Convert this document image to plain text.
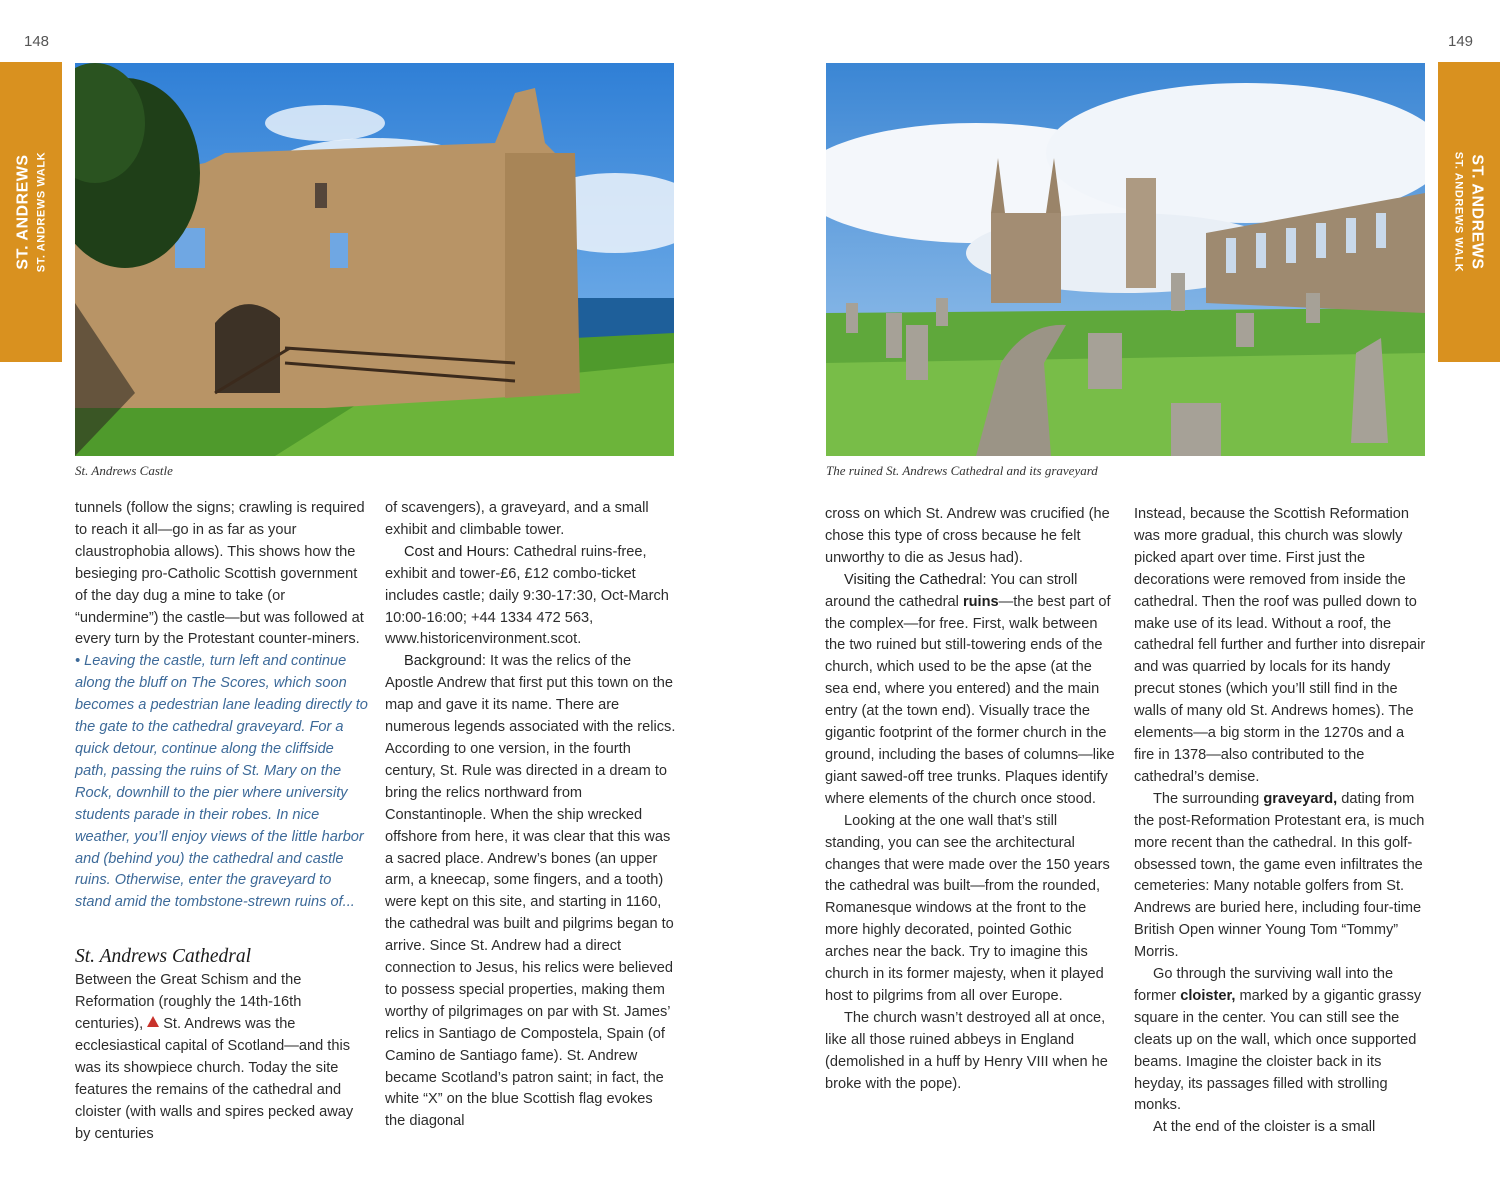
148
ST. ANDREWS ST. ANDREWS WALK
St. Andrews Castle

tunnels (follow the signs; crawling is required to reach it all—go in as far as your claustrophobia allows). This shows how the besieging pro-Catholic Scottish government of the day dug a mine to take (or “undermine”) the castle—but was followed at every turn by the Protestant counter-miners.

• Leaving the castle, turn left and continue along the bluff on The Scores, which soon becomes a pedestrian lane leading directly to the gate to the cathedral graveyard. For a quick detour, continue along the cliffside path, passing the ruins of St. Mary on the Rock, downhill to the pier where university students parade in their robes. In nice weather, you’ll enjoy views of the little harbor and (behind you) the cathedral and castle ruins. Otherwise, enter the graveyard to stand amid the tombstone-strewn ruins of...

St. Andrews Cathedral

Between the Great Schism and the Reformation (roughly the 14th-16th centuries), St. Andrews was the ecclesiastical capital of Scotland—and this was its showpiece church. Today the site features the remains of the cathedral and cloister (with walls and spires pecked away by centuries

of scavengers), a graveyard, and a small exhibit and climbable tower.

Cost and Hours: Cathedral ruins-free, exhibit and tower-£6, £12 combo-ticket includes castle; daily 9:30-17:30, Oct-March 10:00-16:00; +44 1334 472 563, www.historicenvironment.scot.

Background: It was the relics of the Apostle Andrew that first put this town on the map and gave it its name. There are numerous legends associated with the relics. According to one version, in the fourth century, St. Rule was directed in a dream to bring the relics northward from Constantinople. When the ship wrecked offshore from here, it was clear that this was a sacred place. Andrew’s bones (an upper arm, a kneecap, some fingers, and a tooth) were kept on this site, and starting in 1160, the cathedral was built and pilgrims began to arrive. Since St. Andrew had a direct connection to Jesus, his relics were believed to possess special properties, making them worthy of pilgrimages on par with St. James’ relics in Santiago de Compostela, Spain (of Camino de Santiago fame). St. Andrew became Scotland’s patron saint; in fact, the white “X” on the blue Scottish flag evokes the diagonal

149
ST. ANDREWS
ST. ANDREWS WALK
The ruined St. Andrews Cathedral and its graveyard

cross on which St. Andrew was crucified (he chose this type of cross because he felt unworthy to die as Jesus had).

Visiting the Cathedral: You can stroll around the cathedral ruins—the best part of the complex—for free. First, walk between the two ruined but still-towering ends of the church, which used to be the apse (at the sea end, where you entered) and the main entry (at the town end). Visually trace the gigantic footprint of the former church in the ground, including the bases of columns—like giant sawed-off tree trunks. Plaques identify where elements of the church once stood.

Looking at the one wall that’s still standing, you can see the architectural changes that were made over the 150 years the cathedral was built—from the rounded, Romanesque windows at the front to the more highly decorated, pointed Gothic arches near the back. Try to imagine this church in its former majesty, when it played host to pilgrims from all over Europe.

The church wasn’t destroyed all at once, like all those ruined abbeys in England (demolished in a huff by Henry VIII when he broke with the pope).

Instead, because the Scottish Reformation was more gradual, this church was slowly picked apart over time. First just the decorations were removed from inside the cathedral. Then the roof was pulled down to make use of its lead. Without a roof, the cathedral fell further and further into disrepair and was quarried by locals for its handy precut stones (which you’ll still find in the walls of many old St. Andrews homes). The elements—a big storm in the 1270s and a fire in 1378—also contributed to the cathedral’s demise.

The surrounding graveyard, dating from the post-Reformation Protestant era, is much more recent than the cathedral. In this golf-obsessed town, the game even infiltrates the cemeteries: Many notable golfers from St. Andrews are buried here, including four-time British Open winner Young Tom “Tommy” Morris.

Go through the surviving wall into the former cloister, marked by a gigantic grassy square in the center. You can still see the cleats up on the wall, which once supported beams. Imagine the cloister back in its heyday, its passages filled with strolling monks.

At the end of the cloister is a small
